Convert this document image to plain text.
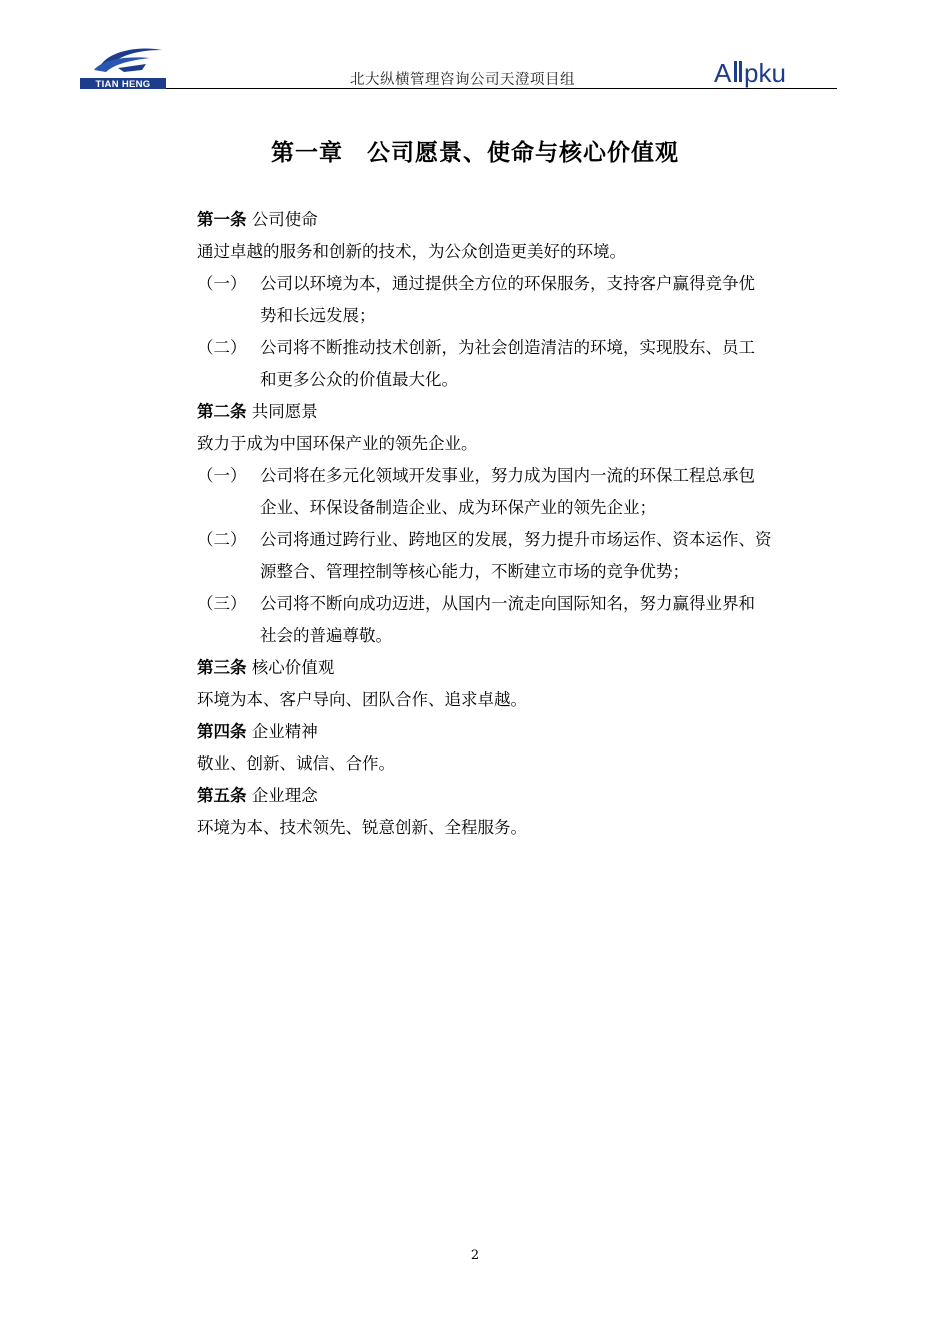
TIAN HENG	北大纵横管理咨询公司天澄项目组	A pku
第一章 公司愿景、使命与核心价值观
第一条 公司使命
通过卓越的服务和创新的技术，为公众创造更美好的环境。
（一） 公司以环境为本，通过提供全方位的环保服务，支持客户赢得竞争优
势和长远发展；
（二） 公司将不断推动技术创新，为社会创造清洁的环境，实现股东、员工
和更多公众的价值最大化。
第二条 共同愿景
致力于成为中国环保产业的领先企业。
（一） 公司将在多元化领域开发事业，努力成为国内一流的环保工程总承包
企业、环保设备制造企业、成为环保产业的领先企业；
（二） 公司将通过跨行业、跨地区的发展，努力提升市场运作、资本运作、资
源整合、管理控制等核心能力，不断建立市场的竞争优势；
（三） 公司将不断向成功迈进，从国内一流走向国际知名，努力赢得业界和
社会的普遍尊敬。
第三条 核心价值观
环境为本、客户导向、团队合作、追求卓越。
第四条 企业精神
敬业、创新、诚信、合作。
第五条 企业理念
环境为本、技术领先、锐意创新、全程服务。
2
